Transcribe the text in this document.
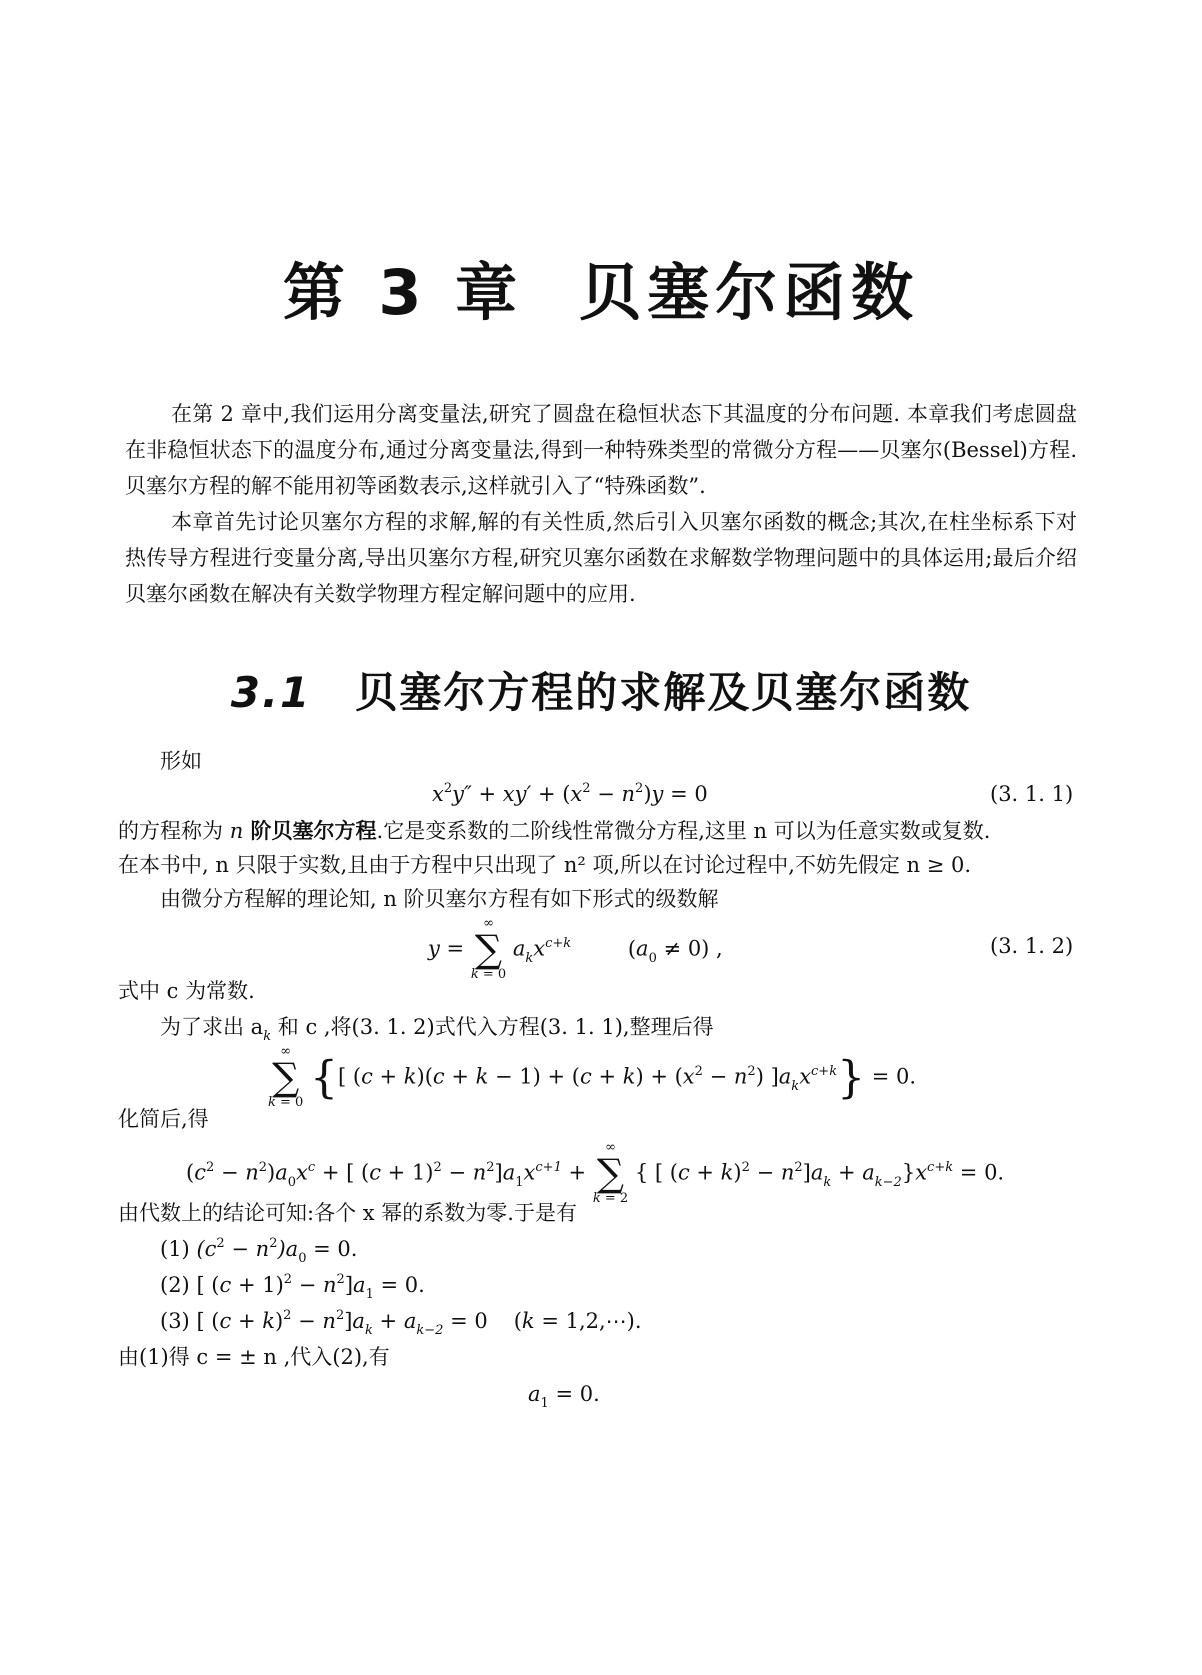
第 3 章 贝塞尔函数

在第 2 章中,我们运用分离变量法,研究了圆盘在稳恒状态下其温度的分布问题. 本章我们考虑圆盘在非稳恒状态下的温度分布,通过分离变量法,得到一种特殊类型的常微分方程——贝塞尔(Bessel)方程. 贝塞尔方程的解不能用初等函数表示,这样就引入了“特殊函数”.

本章首先讨论贝塞尔方程的求解,解的有关性质,然后引入贝塞尔函数的概念;其次,在柱坐标系下对热传导方程进行变量分离,导出贝塞尔方程,研究贝塞尔函数在求解数学物理问题中的具体运用;最后介绍贝塞尔函数在解决有关数学物理方程定解问题中的应用.

3.1 贝塞尔方程的求解及贝塞尔函数
形如
$x^2y'' + xy' + (x^2 - n^2)y = 0$	(3. 1. 1)
的方程称为 n 阶贝塞尔方程.它是变系数的二阶线性常微分方程,这里 n 可以为任意实数或复数.
在本书中, n 只限于实数,且由于方程中只出现了 n² 项,所以在讨论过程中,不妨先假定 n ≥ 0.
由微分方程解的理论知, n 阶贝塞尔方程有如下形式的级数解
y =
∞
∑
k = 0
$a_kx^{c+k}$	$(a_0 \ne 0)$ ,	(3. 1. 2)
式中 c 为常数.
为了求出 $a_k$ 和 c ,将(3. 1. 2)式代入方程(3. 1. 1),整理后得
∞
∑
k = 0 {[ $(c + k)(c + k - 1) + (c + k) + (x^2 - n^2) ]a_kx^{c+k}\} = 0$.
化简后,得
$(c^2 - n^2)a_0x^c$ + [ $(c + 1)^2 - n^2]a_1x^{c+1}$ +
∞
∑
k = 2
{ [ $(c + k)^2 - n^2]a_k + a_{k-2}\}x^{c+k} = 0$.
由代数上的结论可知:各个 x 幂的系数为零.于是有
(1) $(c^2 - n^2)a_0 = 0$.
(2) [ $(c + 1)^2 - n^2]a_1 = 0$.
(3) [ $(c + k)^2 - n^2]a_k + a_{k-2} = 0$ (k = 1,2,⋯).
由(1)得 c = ± n ,代入(2),有
$a_1 = 0$.
